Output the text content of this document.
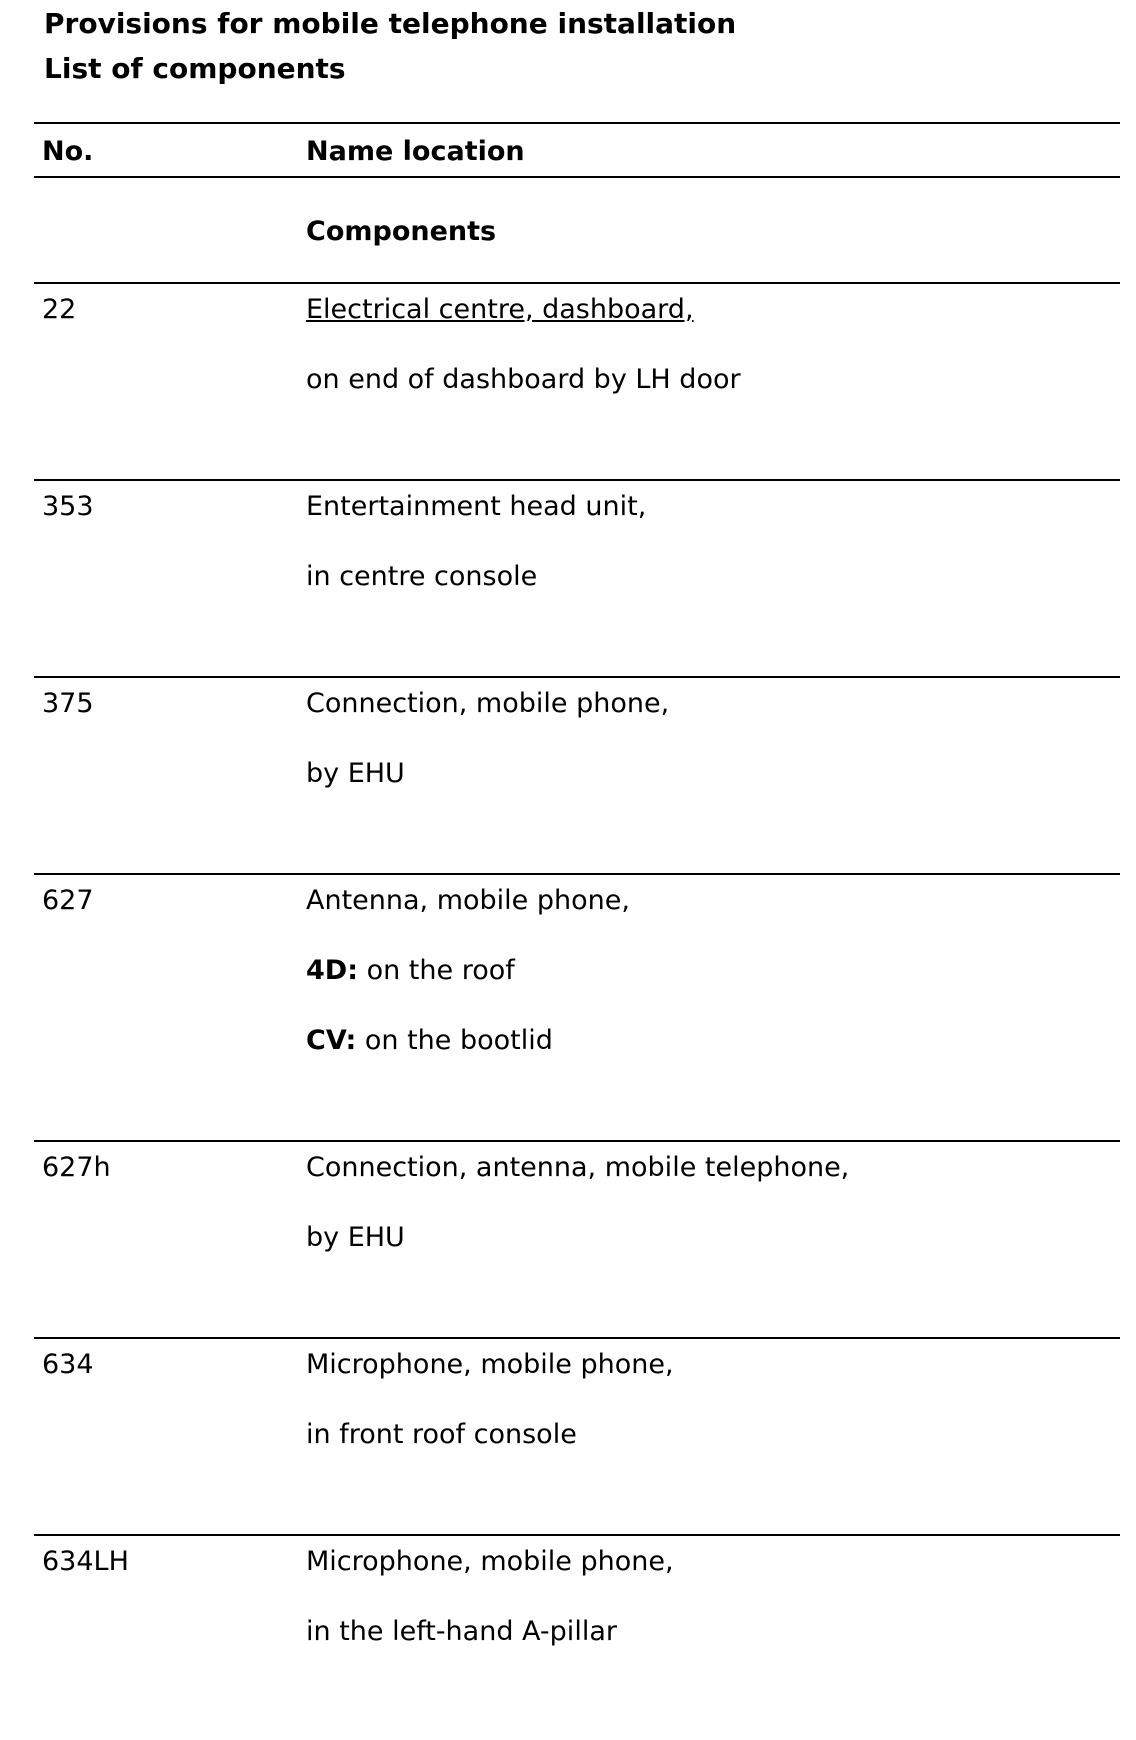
Provisions for mobile telephone installation
List of components
No.	Name location
Components
22	Electrical centre, dashboard,
on end of dashboard by LH door
353	Entertainment head unit,
in centre console
375	Connection, mobile phone,
by EHU
627	Antenna, mobile phone,
4D: on the roof
CV: on the bootlid
627h	Connection, antenna, mobile telephone,
by EHU
634	Microphone, mobile phone,
in front roof console
634LH	Microphone, mobile phone,
in the left-hand A-pillar
